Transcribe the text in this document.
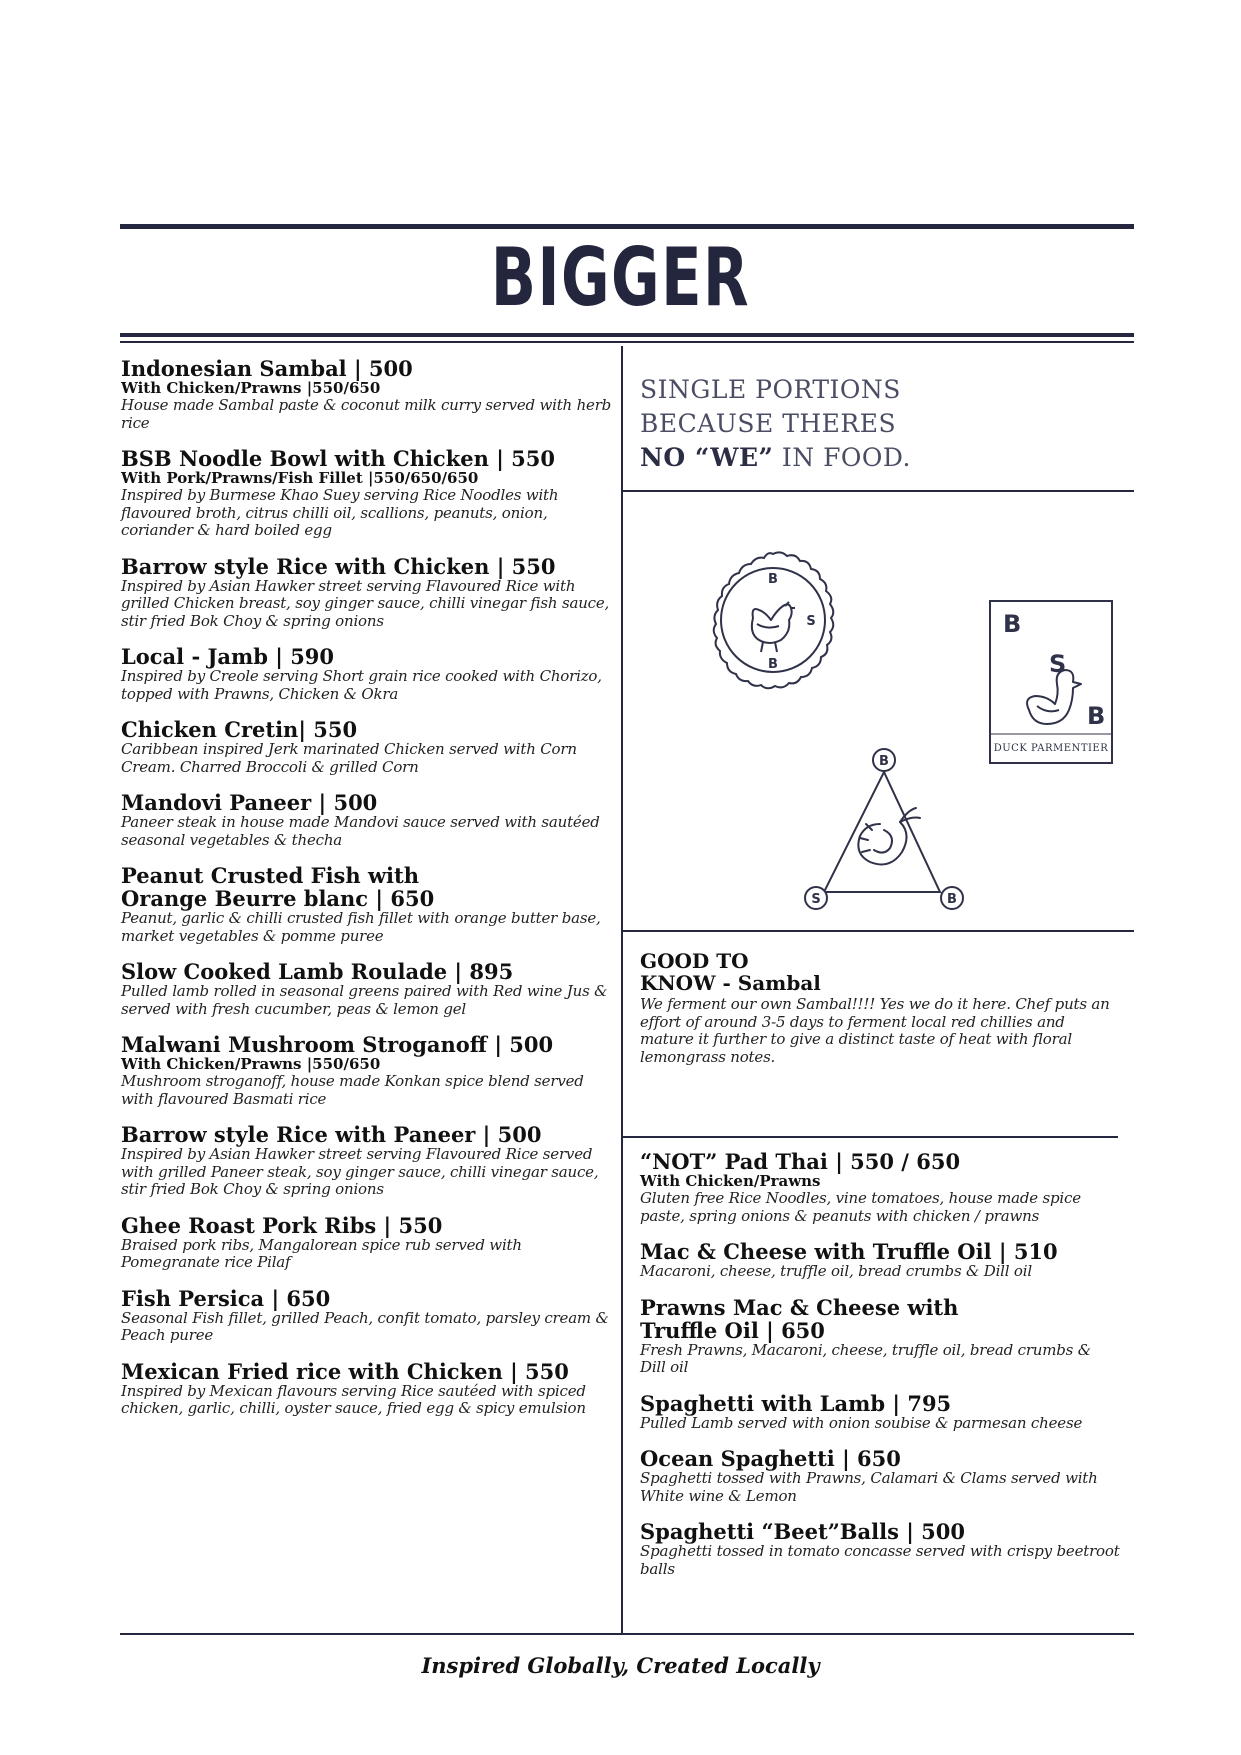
BIGGER
Indonesian Sambal | 500
With Chicken/Prawns |550/650
House made Sambal paste & coconut milk curry served with herb rice
BSB Noodle Bowl with Chicken | 550
With Pork/Prawns/Fish Fillet |550/650/650
Inspired by Burmese Khao Suey serving Rice Noodles with flavoured broth, citrus chilli oil, scallions, peanuts, onion, coriander & hard boiled egg
Barrow style Rice with Chicken | 550
Inspired by Asian Hawker street serving Flavoured Rice with grilled Chicken breast, soy ginger sauce, chilli vinegar fish sauce, stir fried Bok Choy & spring onions
Local - Jamb | 590
Inspired by Creole serving Short grain rice cooked with Chorizo, topped with Prawns, Chicken & Okra
Chicken Cretin| 550
Caribbean inspired Jerk marinated Chicken served with Corn Cream. Charred Broccoli & grilled Corn
Mandovi Paneer | 500
Paneer steak in house made Mandovi sauce served with sautéed seasonal vegetables & thecha
Peanut Crusted Fish with Orange Beurre blanc | 650
Peanut, garlic & chilli crusted fish fillet with orange butter base, market vegetables & pomme puree
Slow Cooked Lamb Roulade | 895
Pulled lamb rolled in seasonal greens paired with Red wine Jus & served with fresh cucumber, peas & lemon gel
Malwani Mushroom Stroganoff | 500
With Chicken/Prawns |550/650
Mushroom stroganoff, house made Konkan spice blend served with flavoured Basmati rice
Barrow style Rice with Paneer | 500
Inspired by Asian Hawker street serving Flavoured Rice served with grilled Paneer steak, soy ginger sauce, chilli vinegar sauce, stir fried Bok Choy & spring onions
Ghee Roast Pork Ribs | 550
Braised pork ribs, Mangalorean spice rub served with Pomegranate rice Pilaf
Fish Persica | 650
Seasonal Fish fillet, grilled Peach, confit tomato, parsley cream & Peach puree
Mexican Fried rice with Chicken | 550
Inspired by Mexican flavours serving Rice sautéed with spiced chicken, garlic, chilli, oyster sauce, fried egg & spicy emulsion
SINGLE PORTIONS
BECAUSE THERES
NO “WE” IN FOOD.
B
S
B
B
S
B
DUCK PARMENTIER
B
S	B
GOOD TO
KNOW - Sambal
We ferment our own Sambal!!!! Yes we do it here. Chef puts an effort of around 3-5 days to ferment local red chillies and mature it further to give a distinct taste of heat with floral lemongrass notes.
“NOT” Pad Thai | 550 / 650
With Chicken/Prawns
Gluten free Rice Noodles, vine tomatoes, house made spice paste, spring onions & peanuts with chicken / prawns
Mac & Cheese with Truffle Oil | 510
Macaroni, cheese, truffle oil, bread crumbs & Dill oil
Prawns Mac & Cheese with Truffle Oil | 650
Fresh Prawns, Macaroni, cheese, truffle oil, bread crumbs & Dill oil
Spaghetti with Lamb | 795
Pulled Lamb served with onion soubise & parmesan cheese
Ocean Spaghetti | 650
Spaghetti tossed with Prawns, Calamari & Clams served with White wine & Lemon
Spaghetti “Beet”Balls | 500
Spaghetti tossed in tomato concasse served with crispy beetroot balls
Inspired Globally, Created Locally
